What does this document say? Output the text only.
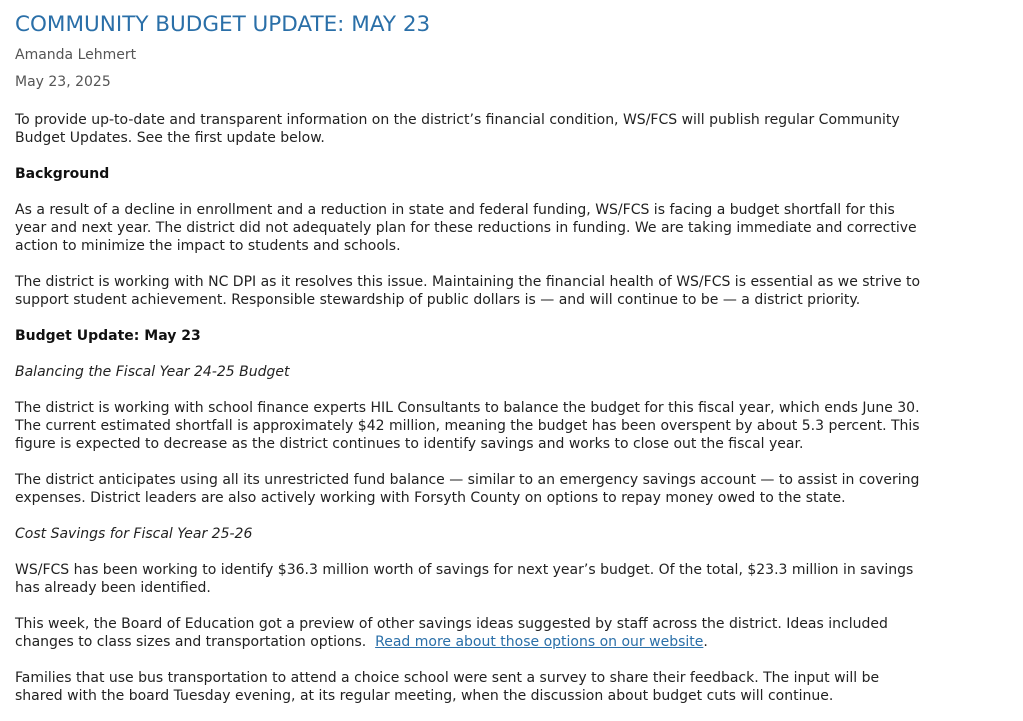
COMMUNITY BUDGET UPDATE: MAY 23
Amanda Lehmert
May 23, 2025

To provide up-to-date and transparent information on the district’s financial condition, WS/FCS will publish regular Community
Budget Updates. See the first update below.

Background

As a result of a decline in enrollment and a reduction in state and federal funding, WS/FCS is facing a budget shortfall for this
year and next year. The district did not adequately plan for these reductions in funding. We are taking immediate and corrective
action to minimize the impact to students and schools.

The district is working with NC DPI as it resolves this issue. Maintaining the financial health of WS/FCS is essential as we strive to
support student achievement. Responsible stewardship of public dollars is — and will continue to be — a district priority.

Budget Update: May 23

Balancing the Fiscal Year 24-25 Budget

The district is working with school finance experts HIL Consultants to balance the budget for this fiscal year, which ends June 30.
The current estimated shortfall is approximately $42 million, meaning the budget has been overspent by about 5.3 percent. This
figure is expected to decrease as the district continues to identify savings and works to close out the fiscal year.

The district anticipates using all its unrestricted fund balance — similar to an emergency savings account — to assist in covering
expenses. District leaders are also actively working with Forsyth County on options to repay money owed to the state.

Cost Savings for Fiscal Year 25-26

WS/FCS has been working to identify $36.3 million worth of savings for next year’s budget. Of the total, $23.3 million in savings
has already been identified.

This week, the Board of Education got a preview of other savings ideas suggested by staff across the district. Ideas included
changes to class sizes and transportation options.  Read more about those options on our website.

Families that use bus transportation to attend a choice school were sent a survey to share their feedback. The input will be
shared with the board Tuesday evening, at its regular meeting, when the discussion about budget cuts will continue.
